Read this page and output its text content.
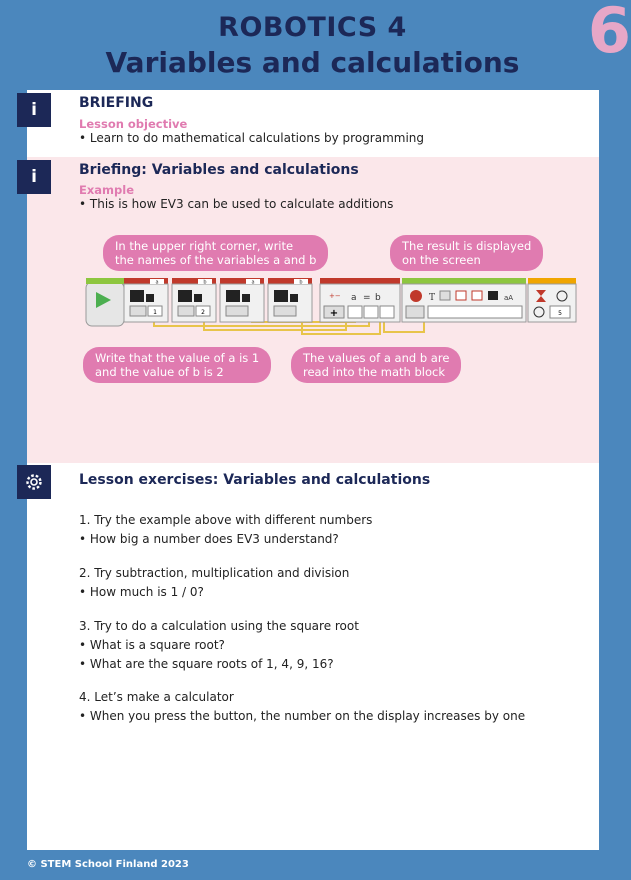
ROBOTICS 4
Variables and calculations	6
i	BRIEFING
Lesson objective
• Learn to do mathematical calculations by programming
i	Briefing: Variables and calculations
Example
• This is how EV3 can be used to calculate additions
In the upper right corner, write
the names of the variables a and b
The result is displayed
on the screen
Write that the value of a is 1
and the value of b is 2
The values of a and b are
read into the math block
a
1
b
2
a	b
+− a = b
+
T	aA
5
Lesson exercises: Variables and calculations
1. Try the example above with different numbers
• How big a number does EV3 understand?
2. Try subtraction, multiplication and division
• How much is 1 / 0?
3. Try to do a calculation using the square root
• What is a square root?
• What are the square roots of 1, 4, 9, 16?
4. Let’s make a calculator
• When you press the button, the number on the display increases by one
© STEM School Finland 2023
